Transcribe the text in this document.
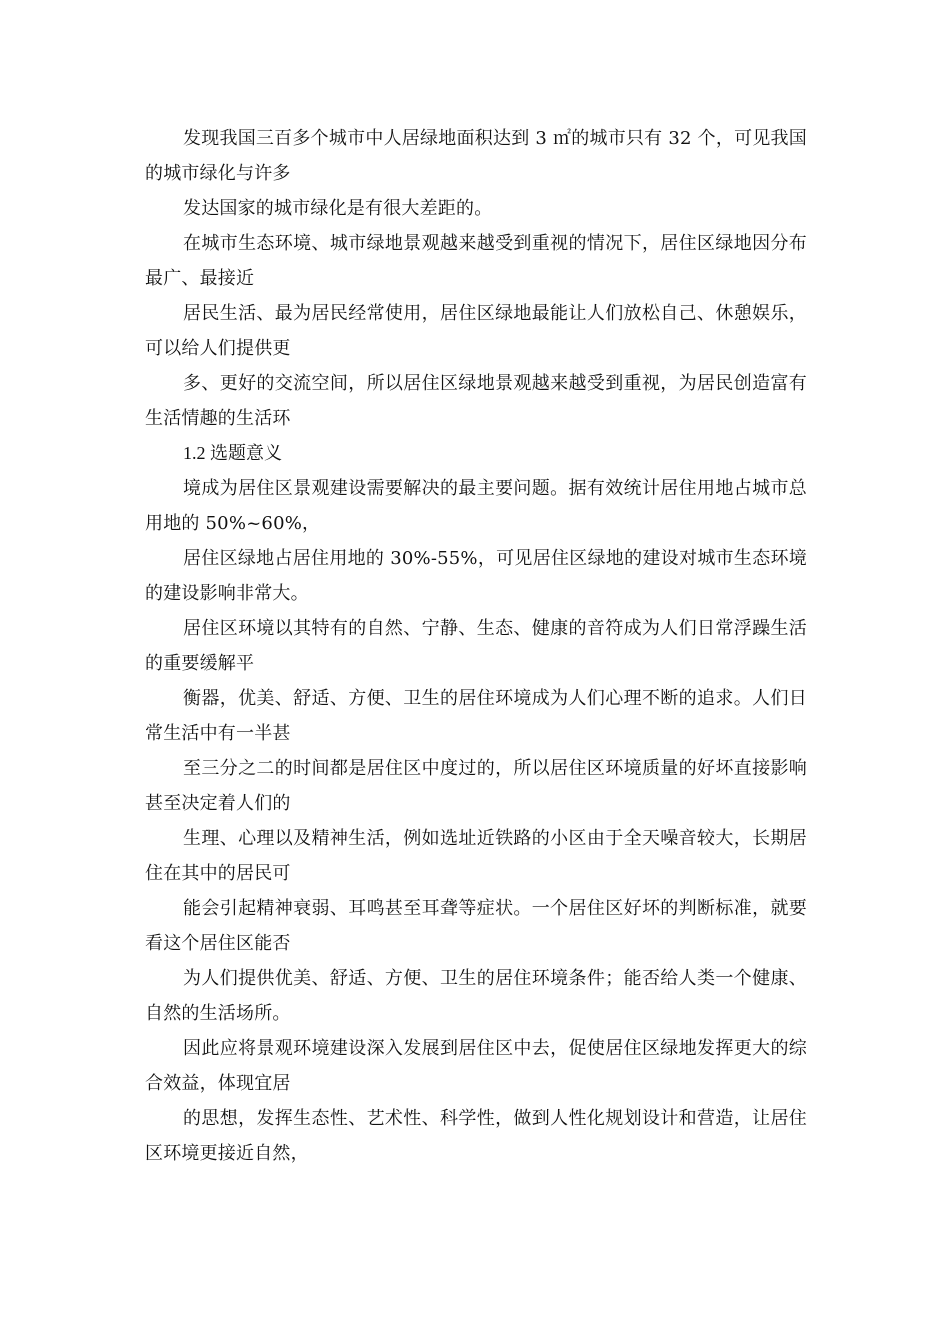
发现我国三百多个城市中人居绿地面积达到 3 ㎡的城市只有 32 个，可见我国的城市绿化与许多

发达国家的城市绿化是有很大差距的。

在城市生态环境、城市绿地景观越来越受到重视的情况下，居住区绿地因分布最广、最接近

居民生活、最为居民经常使用，居住区绿地最能让人们放松自己、休憩娱乐，可以给人们提供更

多、更好的交流空间，所以居住区绿地景观越来越受到重视，为居民创造富有生活情趣的生活环

1.2 选题意义

境成为居住区景观建设需要解决的最主要问题。据有效统计居住用地占城市总用地的 50%~60%，

居住区绿地占居住用地的 30%-55%，可见居住区绿地的建设对城市生态环境的建设影响非常大。

居住区环境以其特有的自然、宁静、生态、健康的音符成为人们日常浮躁生活的重要缓解平

衡器，优美、舒适、方便、卫生的居住环境成为人们心理不断的追求。人们日常生活中有一半甚

至三分之二的时间都是居住区中度过的，所以居住区环境质量的好坏直接影响甚至决定着人们的

生理、心理以及精神生活，例如选址近铁路的小区由于全天噪音较大，长期居住在其中的居民可

能会引起精神衰弱、耳鸣甚至耳聋等症状。一个居住区好坏的判断标准，就要看这个居住区能否

为人们提供优美、舒适、方便、卫生的居住环境条件；能否给人类一个健康、自然的生活场所。

因此应将景观环境建设深入发展到居住区中去，促使居住区绿地发挥更大的综合效益，体现宜居

的思想，发挥生态性、艺术性、科学性，做到人性化规划设计和营造，让居住区环境更接近自然，
